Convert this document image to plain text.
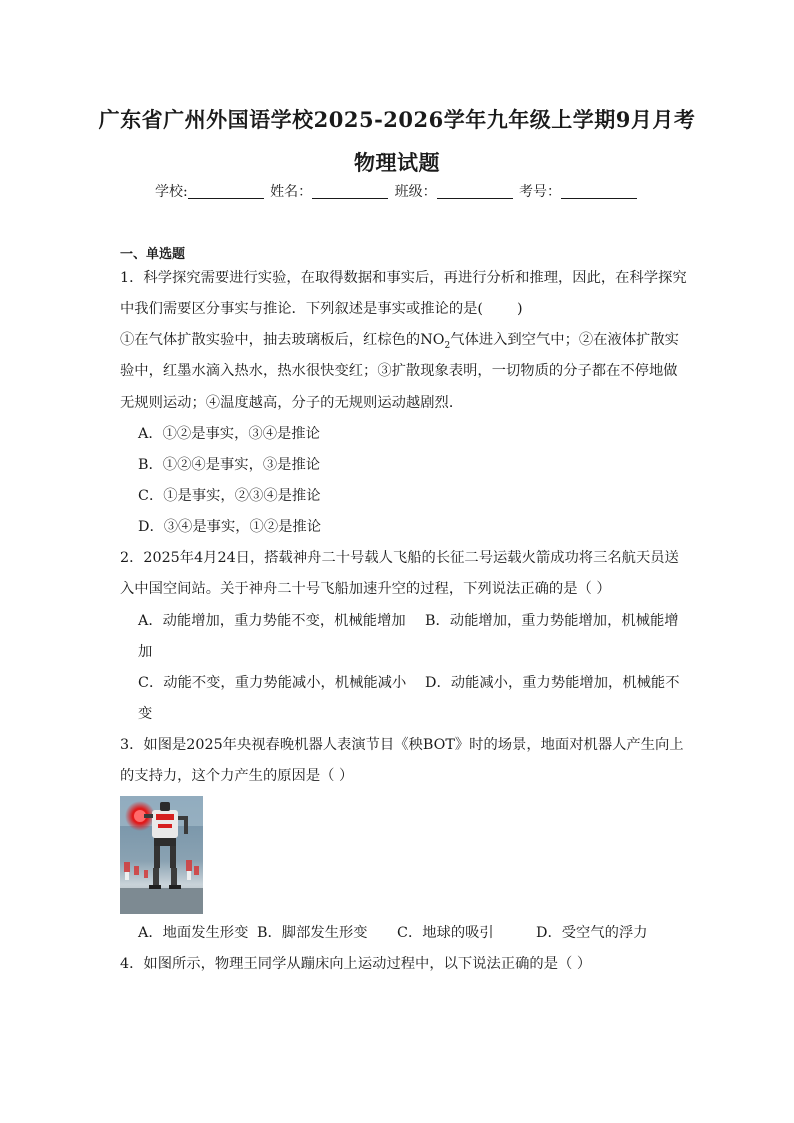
广东省广州外国语学校2025-2026学年九年级上学期9月月考
物理试题
学校:	姓名：	班级：	考号：
一、单选题
1．科学探究需要进行实验，在取得数据和事实后，再进行分析和推理，因此，在科学探究
中我们需要区分事实与推论．下列叙述是事实或推论的是( )
①在气体扩散实验中，抽去玻璃板后，红棕色的$NO_2$气体进入到空气中；②在液体扩散实
验中，红墨水滴入热水，热水很快变红；③扩散现象表明，一切物质的分子都在不停地做
无规则运动；④温度越高，分子的无规则运动越剧烈．
A．①②是事实，③④是推论
B．①②④是事实，③是推论
C．①是事实，②③④是推论
D．③④是事实，①②是推论
2．2025年4月24日，搭载神舟二十号载人飞船的长征二号运载火箭成功将三名航天员送
入中国空间站。关于神舟二十号飞船加速升空的过程，下列说法正确的是（ ）
A．动能增加，重力势能不变，机械能增加 B．动能增加，重力势能增加，机械能增
加
C．动能不变，重力势能减小，机械能减小 D．动能减小，重力势能增加，机械能不
变
3．如图是2025年央视春晚机器人表演节目《秧BOT》时的场景，地面对机器人产生向上
的支持力，这个力产生的原因是（ ）
A．地面发生形变 B．脚部发生形变 C．地球的吸引	D．受空气的浮力
4．如图所示，物理王同学从蹦床向上运动过程中，以下说法正确的是（ ）
